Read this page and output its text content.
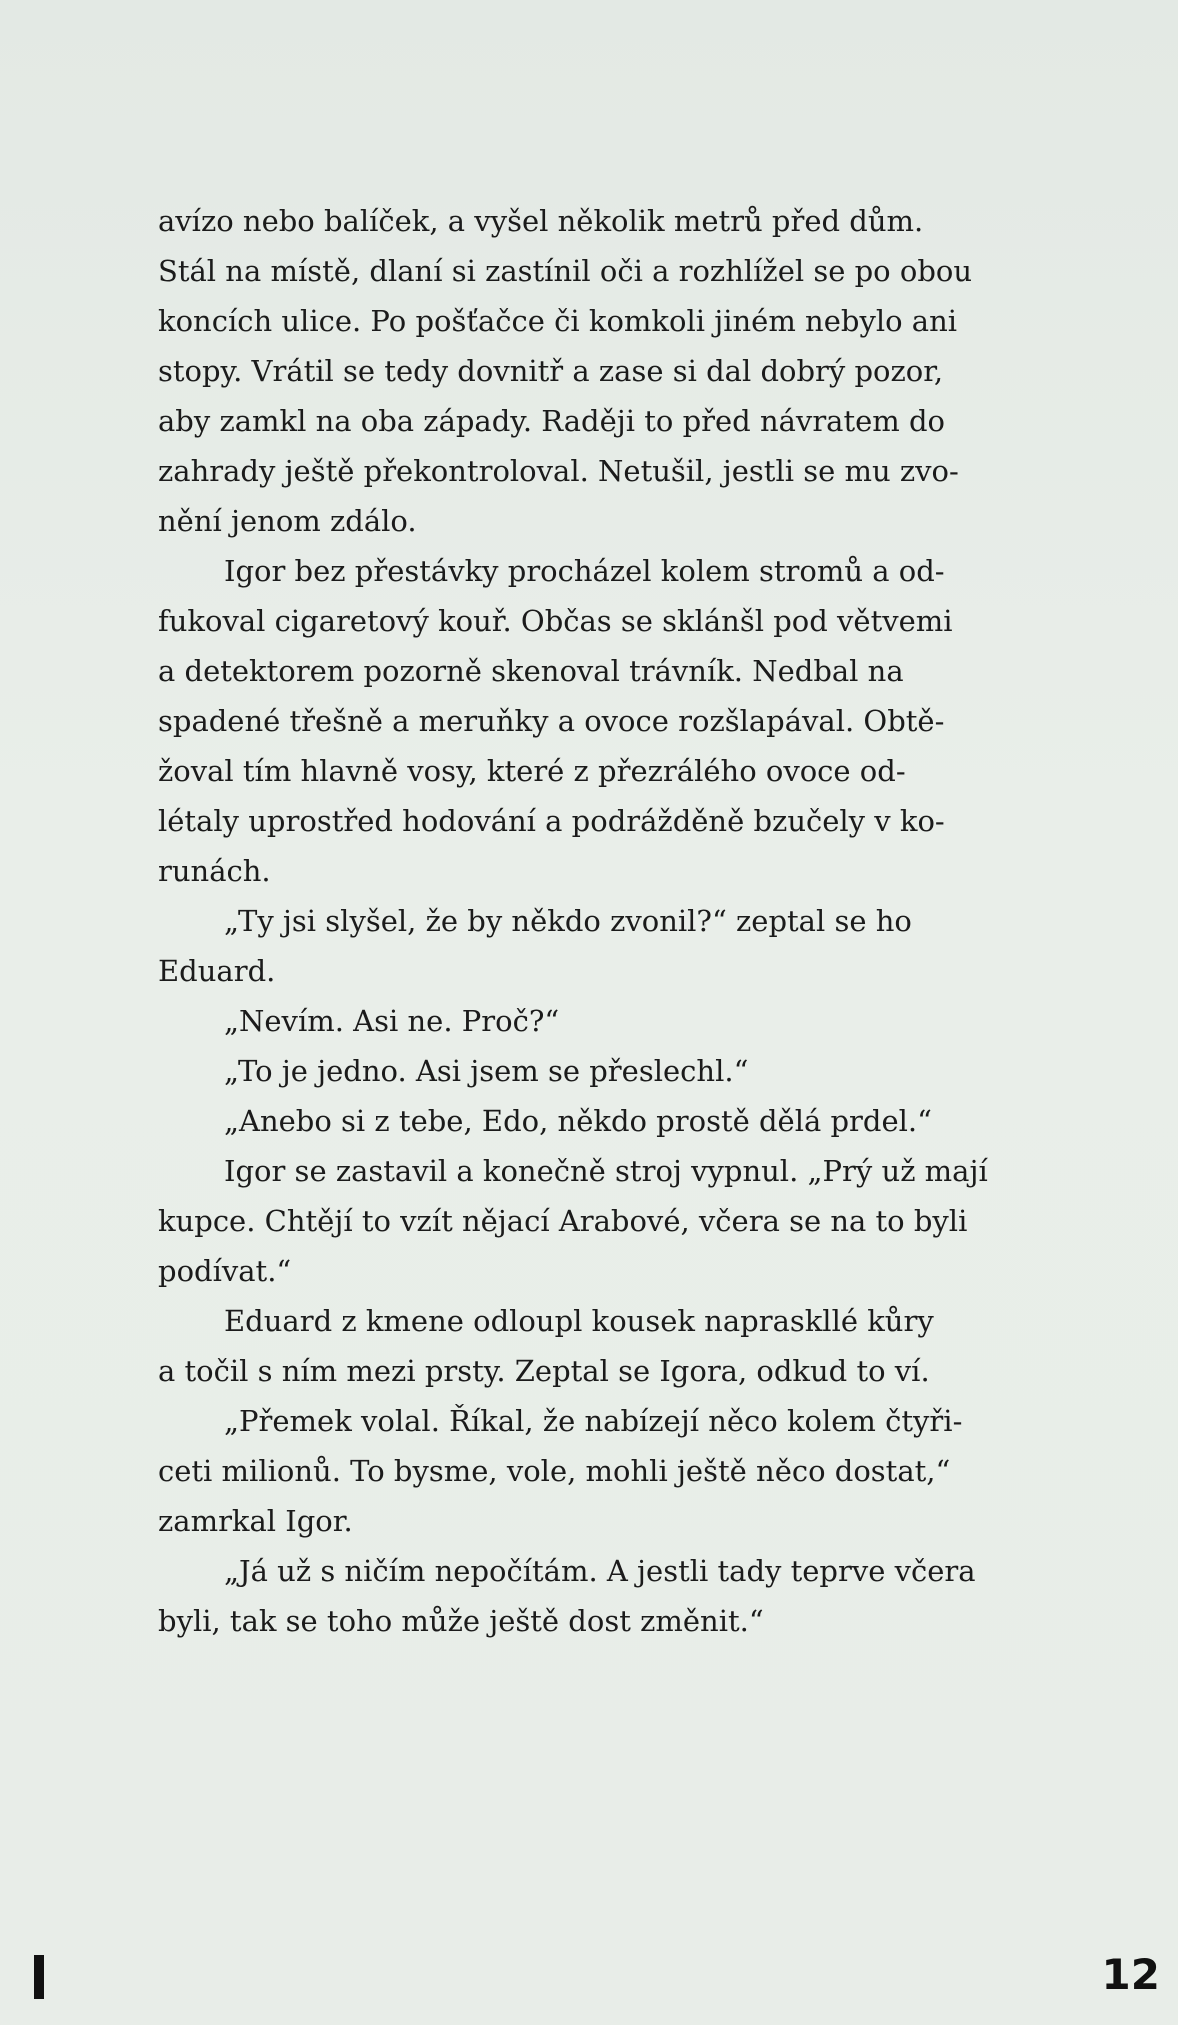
avízo nebo balíček, a vyšel několik metrů před dům.
Stál na místě, dlaní si zastínil oči a rozhlížel se po obou
koncích ulice. Po pošťačce či komkoli jiném nebylo ani
stopy. Vrátil se tedy dovnitř a zase si dal dobrý pozor,
aby zamkl na oba západy. Raději to před návratem do
zahrady ještě překontroloval. Netušil, jestli se mu zvo-
nění jenom zdálo.
Igor bez přestávky procházel kolem stromů a od-
fukoval cigaretový kouř. Občas se sklánšl pod větvemi
a detektorem pozorně skenoval trávník. Nedbal na
spadené třešně a meruňky a ovoce rozšlapával. Obtě-
žoval tím hlavně vosy, které z přezrálého ovoce od-
létaly uprostřed hodování a podrážděně bzučely v ko-
runách.
„Ty jsi slyšel, že by někdo zvonil?“ zeptal se ho
Eduard.
„Nevím. Asi ne. Proč?“
„To je jedno. Asi jsem se přeslechl.“
„Anebo si z tebe, Edo, někdo prostě dělá prdel.“
Igor se zastavil a konečně stroj vypnul. „Prý už mají
kupce. Chtějí to vzít nějací Arabové, včera se na to byli
podívat.“
Eduard z kmene odloupl kousek napraskllé kůry
a točil s ním mezi prsty. Zeptal se Igora, odkud to ví.
„Přemek volal. Říkal, že nabízejí něco kolem čtyři-
ceti milionů. To bysme, vole, mohli ještě něco dostat,“
zamrkal Igor.
„Já už s ničím nepočítám. A jestli tady teprve včera
byli, tak se toho může ještě dost změnit.“
12
